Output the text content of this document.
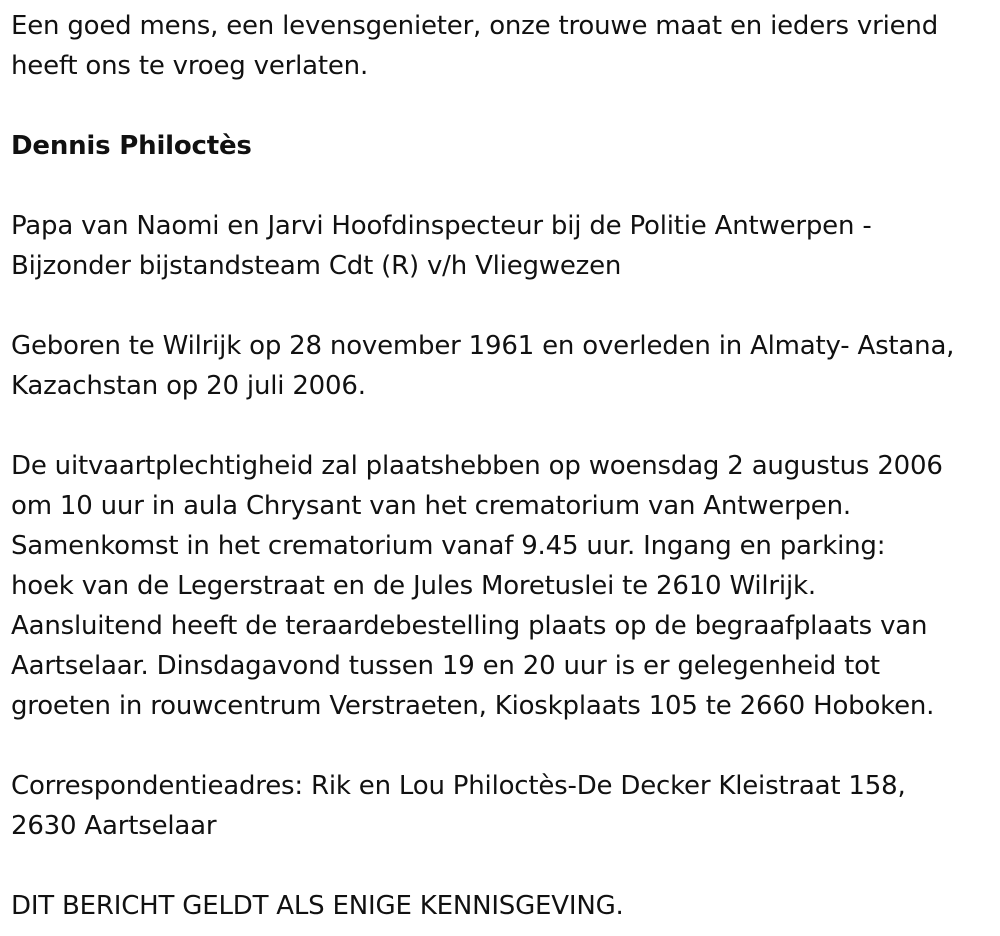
Een goed mens, een levensgenieter, onze trouwe maat en ieders vriend
heeft ons te vroeg verlaten.

Dennis Philoctès

Papa van Naomi en Jarvi Hoofdinspecteur bij de Politie Antwerpen -
Bijzonder bijstandsteam Cdt (R) v/h Vliegwezen

Geboren te Wilrijk op 28 november 1961 en overleden in Almaty- Astana,
Kazachstan op 20 juli 2006.

De uitvaartplechtigheid zal plaatshebben op woensdag 2 augustus 2006
om 10 uur in aula Chrysant van het crematorium van Antwerpen.
Samenkomst in het crematorium vanaf 9.45 uur. Ingang en parking:
hoek van de Legerstraat en de Jules Moretuslei te 2610 Wilrijk.
Aansluitend heeft de teraardebestelling plaats op de begraafplaats van
Aartselaar. Dinsdagavond tussen 19 en 20 uur is er gelegenheid tot
groeten in rouwcentrum Verstraeten, Kioskplaats 105 te 2660 Hoboken.

Correspondentieadres: Rik en Lou Philoctès-De Decker Kleistraat 158,
2630 Aartselaar

DIT BERICHT GELDT ALS ENIGE KENNISGEVING.
